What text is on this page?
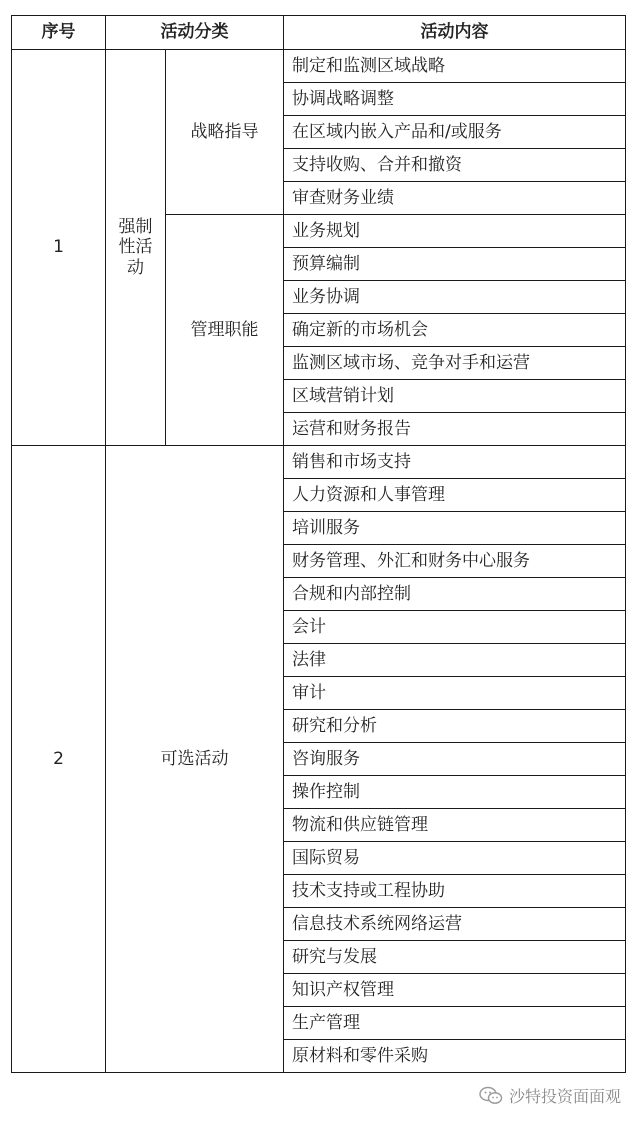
序号	活动分类		活动内容
1	强制性活动	战略指导	制定和监测区域战略
			协调战略调整
			在区域内嵌入产品和/或服务
			支持收购、合并和撤资
			审查财务业绩
		管理职能	业务规划
			预算编制
			业务协调
			确定新的市场机会
			监测区域市场、竞争对手和运营
			区域营销计划
			运营和财务报告
2	可选活动		销售和市场支持
			人力资源和人事管理
			培训服务
			财务管理、外汇和财务中心服务
			合规和内部控制
			会计
			法律
			审计
			研究和分析
			咨询服务
			操作控制
			物流和供应链管理
			国际贸易
			技术支持或工程协助
			信息技术系统网络运营
			研究与发展
			知识产权管理
			生产管理
			原材料和零件采购
沙特投资面面观
